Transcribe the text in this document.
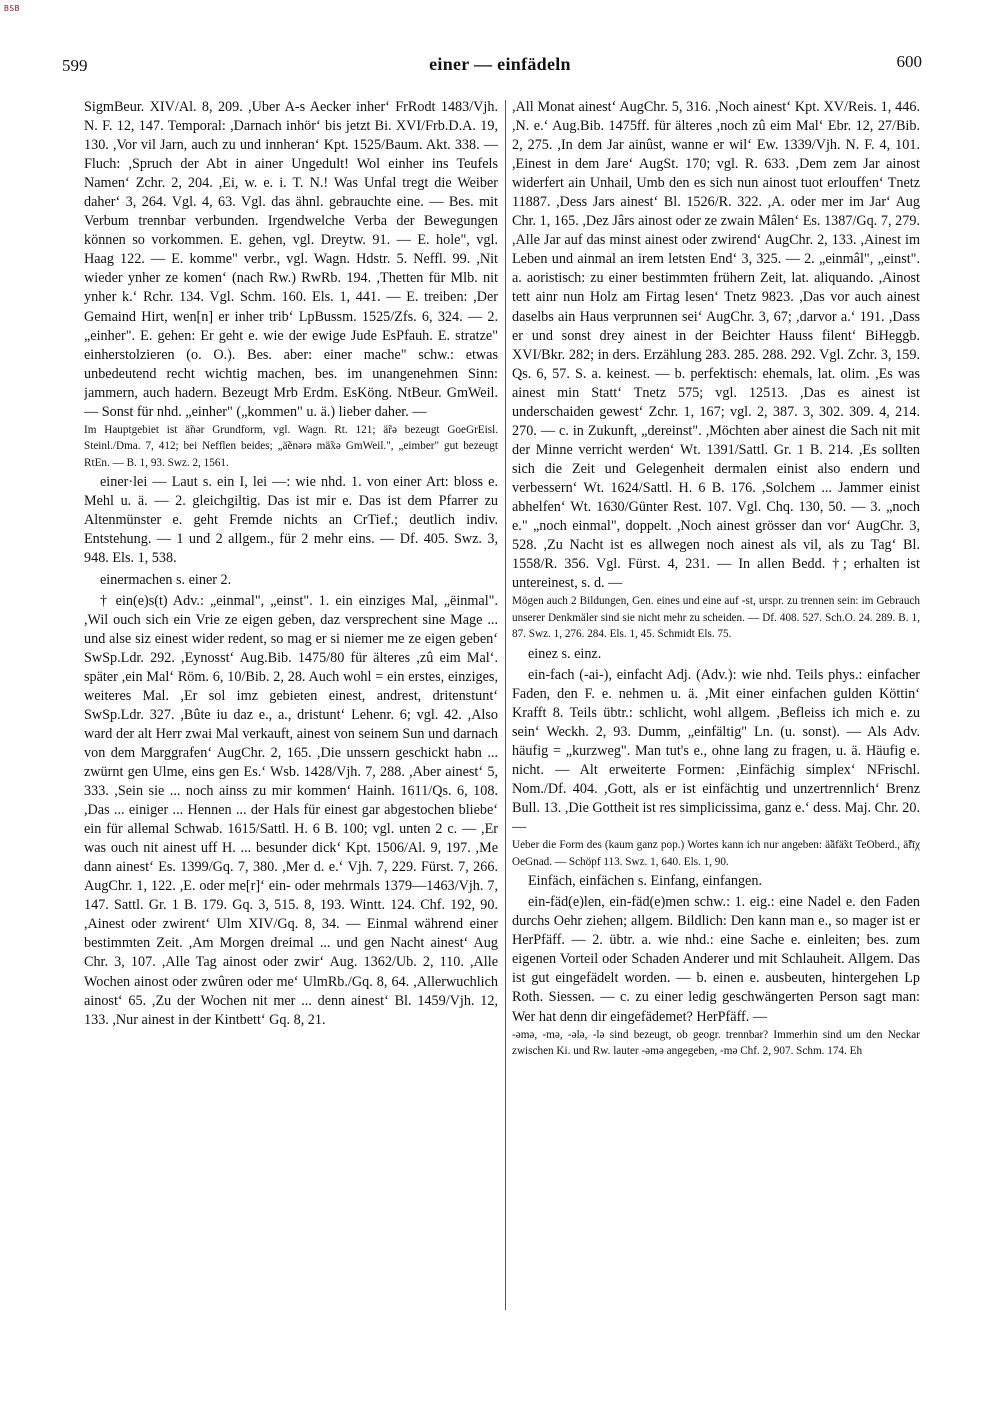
BSB
599	einer — einfädeln	600

SigmBeur. XIV/Al. 8, 209. ,Uber A-s Aecker inher‘ FrRodt 1483/Vjh. N. F. 12, 147. Temporal: ,Darnach inhör‘ bis jetzt Bi. XVI/Frb.D.A. 19, 130. ,Vor vil Jarn, auch zu und innheran‘ Kpt. 1525/Baum. Akt. 338. — Fluch: ,Spruch der Abt in ainer Ungedult! Wol einher ins Teufels Namen‘ Zchr. 2, 204. ,Ei, w. e. i. T. N.! Was Unfal tregt die Weiber daher‘ 3, 264. Vgl. 4, 63. Vgl. das ähnl. gebrauchte eine. — Bes. mit Verbum trennbar verbunden. Irgendwelche Verba der Bewegungen können so vorkommen. E. gehen, vgl. Dreytw. 91. — E. hole", vgl. Haag 122. — E. komme" verbr., vgl. Wagn. Hdstr. 5. Neffl. 99. ,Nit wieder ynher ze komen‘ (nach Rw.) RwRb. 194. ,Thetten für Mlb. nit ynher k.‘ Rchr. 134. Vgl. Schm. 160. Els. 1, 441. — E. treiben: ,Der Gemaind Hirt, wen[n] er inher trib‘ LpBussm. 1525/Zfs. 6, 324. — 2. „einher". E. gehen: Er geht e. wie der ewige Jude EsPfauh. E. stratze" einherstolzieren (o. O.). Bes. aber: einer mache" schw.: etwas unbedeutend recht wichtig machen, bes. im unangenehmen Sinn: jammern, auch hadern. Bezeugt Mrb Erdm. EsKöng. NtBeur. GmWeil. — Sonst für nhd. „einher" („kommen" u. ä.) lieber daher. —

Im Hauptgebiet ist ä̃nər Grundform, vgl. Wagn. Rt. 121; ä̃rə bezeugt GoeGrEisl. Steinl./Dma. 7, 412; bei Nefflen beides; „ä̃enərə mä̃xə GmWeil.", „eimber" gut bezeugt RtEn. — B. 1, 93. Swz. 2, 1561.

einer·lei — Laut s. ein I, lei —: wie nhd. 1. von einer Art: bloss e. Mehl u. ä. — 2. gleichgiltig. Das ist mir e. Das ist dem Pfarrer zu Altenmünster e. geht Fremde nichts an CrTief.; deutlich indiv. Entstehung. — 1 und 2 allgem., für 2 mehr eins. — Df. 405. Swz. 3, 948. Els. 1, 538.

einermachen s. einer 2.

† ein(e)s(t) Adv.: „einmal", „einst". 1. ein einziges Mal, „ëinmal". ,Wil ouch sich ein Vrie ze eigen geben, daz versprechent sine Mage ... und alse siz einest wider redent, so mag er si niemer me ze eigen geben‘ SwSp.Ldr. 292. ,Eynosst‘ Aug.Bib. 1475/80 für älteres ,zû eim Mal‘. später ,ein Mal‘ Röm. 6, 10/Bib. 2, 28. Auch wohl = ein erstes, einziges, weiteres Mal. ,Er sol imz gebieten einest, andrest, dritenstunt‘ SwSp.Ldr. 327. ,Bûte iu daz e., a., dristunt‘ Lehenr. 6; vgl. 42. ,Also ward der alt Herr zwai Mal verkauft, ainest von seinem Sun und darnach von dem Marggrafen‘ AugChr. 2, 165. ,Die unssern geschickt habn ... zwürnt gen Ulme, eins gen Es.‘ Wsb. 1428/Vjh. 7, 288. ,Aber ainest‘ 5, 333. ,Sein sie ... noch ainss zu mir kommen‘ Hainh. 1611/Qs. 6, 108. ,Das ... einiger ... Hennen ... der Hals für einest gar abgestochen bliebe‘ ein für allemal Schwab. 1615/Sattl. H. 6 B. 100; vgl. unten 2 c. — ,Er was ouch nit ainest uff H. ... besunder dick‘ Kpt. 1506/Al. 9, 197. ,Me dann ainest‘ Es. 1399/Gq. 7, 380. ,Mer d. e.‘ Vjh. 7, 229. Fürst. 7, 266. AugChr. 1, 122. ,E. oder me[r]‘ ein- oder mehrmals 1379—1463/Vjh. 7, 147. Sattl. Gr. 1 B. 179. Gq. 3, 515. 8, 193. Wintt. 124. Chf. 192, 90. ,Ainest oder zwirent‘ Ulm XIV/Gq. 8, 34. — Einmal während einer bestimmten Zeit. ,Am Morgen dreimal ... und gen Nacht ainest‘ Aug Chr. 3, 107. ,Alle Tag ainost oder zwir‘ Aug. 1362/Ub. 2, 110. ,Alle Wochen ainost oder zwûren oder me‘ UlmRb./Gq. 8, 64. ,Allerwuchlich ainost‘ 65. ,Zu der Wochen nit mer ... denn ainest‘ Bl. 1459/Vjh. 12, 133. ,Nur ainest in der Kintbett‘ Gq. 8, 21.

,All Monat ainest‘ AugChr. 5, 316. ,Noch ainest‘ Kpt. XV/Reis. 1, 446. ,N. e.‘ Aug.Bib. 1475ff. für älteres ,noch zû eim Mal‘ Ebr. 12, 27/Bib. 2, 275. ,In dem Jar ainûst, wanne er wil‘ Ew. 1339/Vjh. N. F. 4, 101. ,Einest in dem Jare‘ AugSt. 170; vgl. R. 633. ,Dem zem Jar ainost widerfert ain Unhail, Umb den es sich nun ainost tuot erlouffen‘ Tnetz 11887. ,Dess Jars ainest‘ Bl. 1526/R. 322. ,A. oder mer im Jar‘ Aug Chr. 1, 165. ,Dez Jârs ainost oder ze zwain Mâlen‘ Es. 1387/Gq. 7, 279. ,Alle Jar auf das minst ainest oder zwirend‘ AugChr. 2, 133. ,Ainest im Leben und ainmal an irem letsten End‘ 3, 325. — 2. „einmâl", „einst". a. aoristisch: zu einer bestimmten frühern Zeit, lat. aliquando. ,Ainost tett ainr nun Holz am Firtag lesen‘ Tnetz 9823. ,Das vor auch ainest daselbs ain Haus verprunnen sei‘ AugChr. 3, 67; ,darvor a.‘ 191. ,Dass er und sonst drey ainest in der Beichter Hauss filent‘ BiHeggb. XVI/Bkr. 282; in ders. Erzählung 283. 285. 288. 292. Vgl. Zchr. 3, 159. Qs. 6, 57. S. a. keinest. — b. perfektisch: ehemals, lat. olim. ,Es was ainest min Statt‘ Tnetz 575; vgl. 12513. ,Das es ainest ist underschaiden gewest‘ Zchr. 1, 167; vgl. 2, 387. 3, 302. 309. 4, 214. 270. — c. in Zukunft, „dereinst". ,Möchten aber ainest die Sach nit mit der Minne verricht werden‘ Wt. 1391/Sattl. Gr. 1 B. 214. ,Es sollten sich die Zeit und Gelegenheit dermalen einist also endern und verbessern‘ Wt. 1624/Sattl. H. 6 B. 176. ,Solchem ... Jammer einist abhelfen‘ Wt. 1630/Günter Rest. 107. Vgl. Chq. 130, 50. — 3. „noch e." „noch einmal", doppelt. ,Noch ainest grösser dan vor‘ AugChr. 3, 528. ,Zu Nacht ist es allwegen noch ainest als vil, als zu Tag‘ Bl. 1558/R. 356. Vgl. Fürst. 4, 231. — In allen Bedd. †; erhalten ist untereinest, s. d. —

Mögen auch 2 Bildungen, Gen. eines und eine auf -st, urspr. zu trennen sein: im Gebrauch unserer Denkmäler sind sie nicht mehr zu scheiden. — Df. 408. 527. Sch.O. 24. 289. B. 1, 87. Swz. 1, 276. 284. Els. 1, 45. Schmidt Els. 75.

einez s. einz.

ein-fach (-ai-), einfacht Adj. (Adv.): wie nhd. Teils phys.: einfacher Faden, den F. e. nehmen u. ä. ,Mit einer einfachen gulden Köttin‘ Krafft 8. Teils übtr.: schlicht, wohl allgem. ,Befleiss ich mich e. zu sein‘ Weckh. 2, 93. Dumm, „einfältig" Ln. (u. sonst). — Als Adv. häufig = „kurzweg". Man tut's e., ohne lang zu fragen, u. ä. Häufig e. nicht. — Alt erweiterte Formen: ,Einfächig simplex‘ NFrischl. Nom./Df. 404. ,Gott, als er ist einfächtig und unzertrennlich‘ Brenz Bull. 13. ,Die Gottheit ist res simplicissima, ganz e.‘ dess. Maj. Chr. 20. —

Ueber die Form des (kaum ganz pop.) Wortes kann ich nur angeben: ä̃äfä̃xt TeOberd., ä̃fīχ OeGnad. — Schöpf 113. Swz. 1, 640. Els. 1, 90.

Einfäch, einfächen s. Einfang, einfangen.

ein-fäd(e)len, ein-fäd(e)men schw.: 1. eig.: eine Nadel e. den Faden durchs Oehr ziehen; allgem. Bildlich: Den kann man e., so mager ist er HerPfäff. — 2. übtr. a. wie nhd.: eine Sache e. einleiten; bes. zum eigenen Vorteil oder Schaden Anderer und mit Schlauheit. Allgem. Das ist gut eingefädelt worden. — b. einen e. ausbeuten, hintergehen Lp Roth. Siessen. — c. zu einer ledig geschwängerten Person sagt man: Wer hat denn dir eingefädemet? HerPfäff. —

-əmə, -mə, -ələ, -lə sind bezeugt, ob geogr. trennbar? Immerhin sind um den Neckar zwischen Ki. und Rw. lauter -əmə angegeben, -mə Chf. 2, 907. Schm. 174. Eh
